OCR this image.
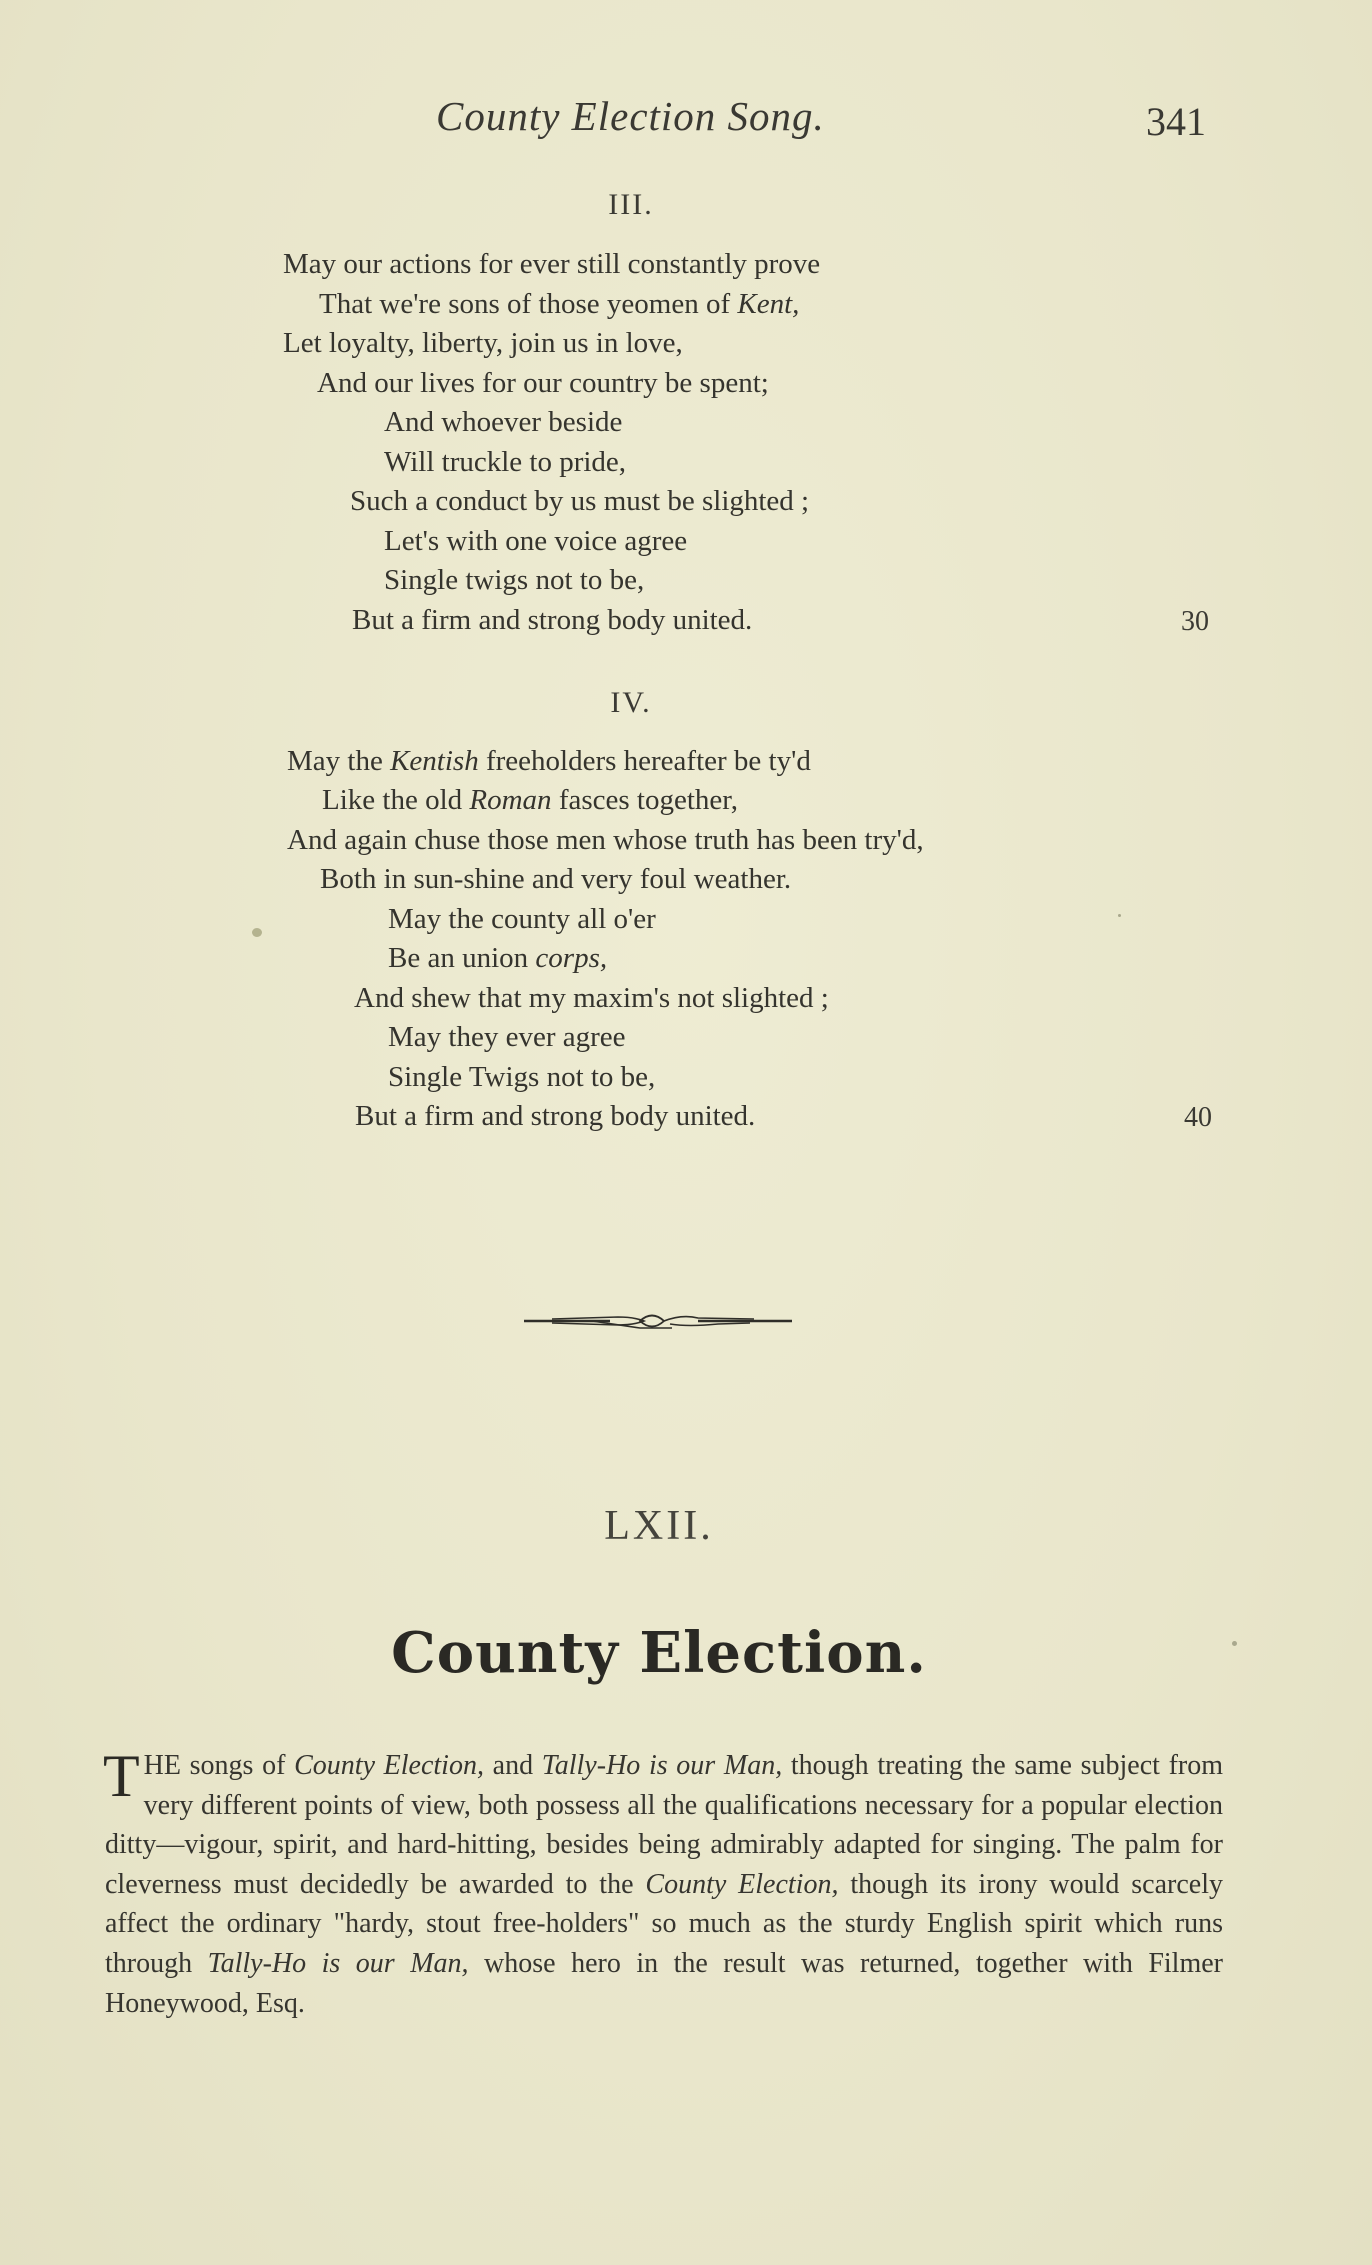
County Election Song.	341
III.
May our actions for ever still constantly prove
That we're sons of those yeomen of Kent,
Let loyalty, liberty, join us in love,
And our lives for our country be spent;
And whoever beside
Will truckle to pride,
Such a conduct by us must be slighted ;
Let's with one voice agree
Single twigs not to be,
But a firm and strong body united.	30
IV.
May the Kentish freeholders hereafter be ty'd
Like the old Roman fasces together,
And again chuse those men whose truth has been try'd,
Both in sun-shine and very foul weather.
May the county all o'er
Be an union corps,
And shew that my maxim's not slighted ;
May they ever agree
Single Twigs not to be,
But a firm and strong body united.	40
LXII.
County Election.
THE songs of County Election, and Tally-Ho is our Man, though treating the same subject from very different points of view, both possess all the qualifications necessary for a popular election ditty—vigour, spirit, and hard-hitting, besides being admirably adapted for singing. The palm for cleverness must decidedly be awarded to the County Election, though its irony would scarcely affect the ordinary "hardy, stout free-holders" so much as the sturdy English spirit which runs through Tally-Ho is our Man, whose hero in the result was returned, together with Filmer Honeywood, Esq.
